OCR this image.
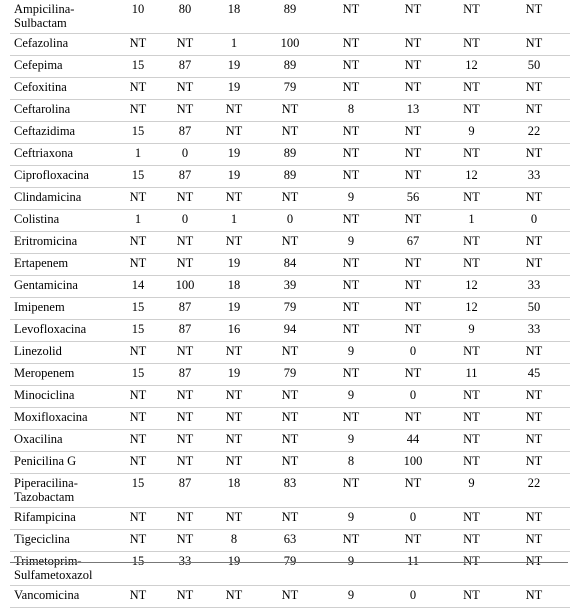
Ampicilina-
Sulbactam	10	80	18	89	NT	NT	NT	NT
Cefazolina	NT	NT	1	100	NT	NT	NT	NT
Cefepima	15	87	19	89	NT	NT	12	50
Cefoxitina	NT	NT	19	79	NT	NT	NT	NT
Ceftarolina	NT	NT	NT	NT	8	13	NT	NT
Ceftazidima	15	87	NT	NT	NT	NT	9	22
Ceftriaxona	1	0	19	89	NT	NT	NT	NT
Ciprofloxacina	15	87	19	89	NT	NT	12	33
Clindamicina	NT	NT	NT	NT	9	56	NT	NT
Colistina	1	0	1	0	NT	NT	1	0
Eritromicina	NT	NT	NT	NT	9	67	NT	NT
Ertapenem	NT	NT	19	84	NT	NT	NT	NT
Gentamicina	14	100	18	39	NT	NT	12	33
Imipenem	15	87	19	79	NT	NT	12	50
Levofloxacina	15	87	16	94	NT	NT	9	33
Linezolid	NT	NT	NT	NT	9	0	NT	NT
Meropenem	15	87	19	79	NT	NT	11	45
Minociclina	NT	NT	NT	NT	9	0	NT	NT
Moxifloxacina	NT	NT	NT	NT	NT	NT	NT	NT
Oxacilina	NT	NT	NT	NT	9	44	NT	NT
Penicilina G	NT	NT	NT	NT	8	100	NT	NT
Piperacilina-
Tazobactam	15	87	18	83	NT	NT	9	22
Rifampicina	NT	NT	NT	NT	9	0	NT	NT
Tigeciclina	NT	NT	8	63	NT	NT	NT	NT
Trimetoprim-
Sulfametoxazol	15	33	19	79	9	11	NT	NT
Vancomicina	NT	NT	NT	NT	9	0	NT	NT
